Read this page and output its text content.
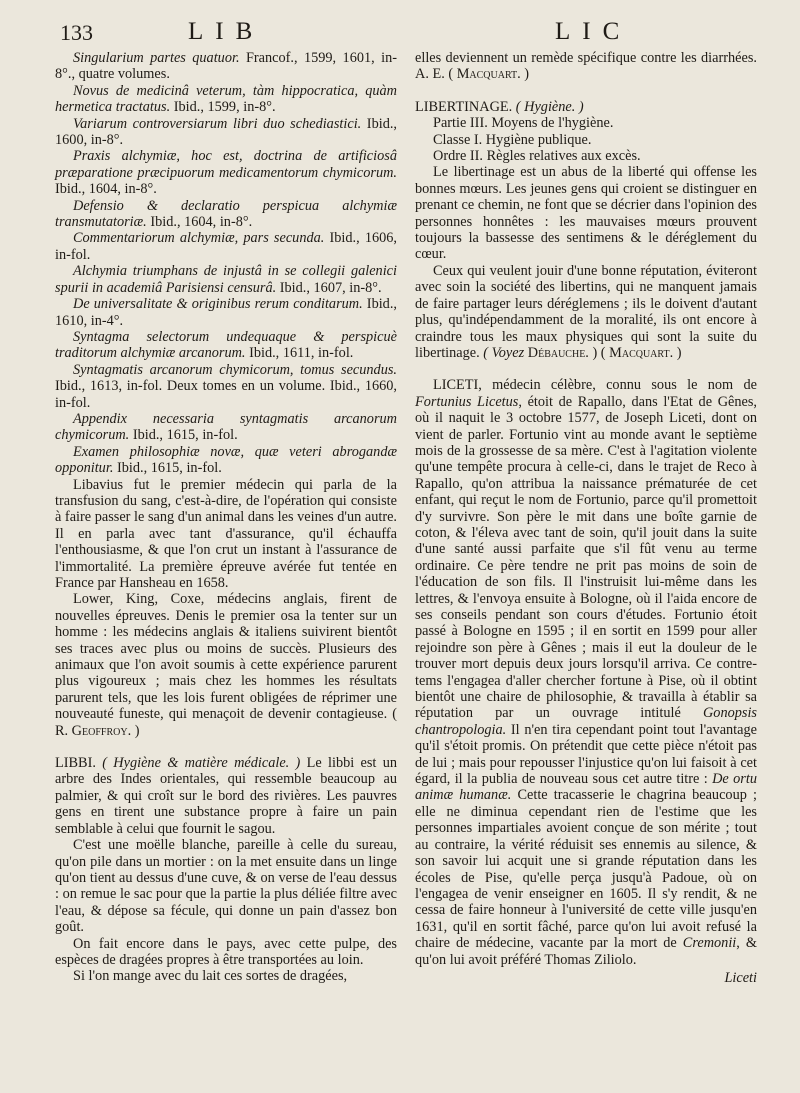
133	LIB	LIC

Singularium partes quatuor. Francof., 1599, 1601, in-8°., quatre volumes.

Novus de medicinâ veterum, tàm hippocratica, quàm hermetica tractatus. Ibid., 1599, in-8°.

Variarum controversiarum libri duo schediastici. Ibid., 1600, in-8°.

Praxis alchymiæ, hoc est, doctrina de artificiosâ præparatione præcipuorum medicamentorum chymicorum. Ibid., 1604, in-8°.

Defensio & declaratio perspicua alchymiæ transmutatoriæ. Ibid., 1604, in-8°.

Commentariorum alchymiæ, pars secunda. Ibid., 1606, in-fol.

Alchymia triumphans de injustâ in se collegii galenici spurii in academiâ Parisiensi censurâ. Ibid., 1607, in-8°.

De universalitate & originibus rerum conditarum. Ibid., 1610, in-4°.

Syntagma selectorum undequaque & perspicuè traditorum alchymiæ arcanorum. Ibid., 1611, in-fol.

Syntagmatis arcanorum chymicorum, tomus secundus. Ibid., 1613, in-fol. Deux tomes en un volume. Ibid., 1660, in-fol.

Appendix necessaria syntagmatis arcanorum chymicorum. Ibid., 1615, in-fol.

Examen philosophiæ novæ, quæ veteri abrogandæ opponitur. Ibid., 1615, in-fol.

Libavius fut le premier médecin qui parla de la transfusion du sang, c'est-à-dire, de l'opération qui consiste à faire passer le sang d'un animal dans les veines d'un autre. Il en parla avec tant d'assurance, qu'il échauffa l'enthousiasme, & que l'on crut un instant à l'assurance de l'immortalité. La première épreuve avérée fut tentée en France par Hansheau en 1658.

Lower, King, Coxe, médecins anglais, firent de nouvelles épreuves. Denis le premier osa la tenter sur un homme : les médecins anglais & italiens suivirent bientôt ses traces avec plus ou moins de succès. Plusieurs des animaux que l'on avoit soumis à cette expérience parurent plus vigoureux ; mais chez les hommes les résultats parurent tels, que les lois furent obligées de réprimer une nouveauté funeste, qui menaçoit de devenir contagieuse. ( R. Geoffroy. )

LIBBI. ( Hygiène & matière médicale. ) Le libbi est un arbre des Indes orientales, qui ressemble beaucoup au palmier, & qui croît sur le bord des rivières. Les pauvres gens en tirent une substance propre à faire un pain semblable à celui que fournit le sagou.

C'est une moëlle blanche, pareille à celle du sureau, qu'on pile dans un mortier : on la met ensuite dans un linge qu'on tient au dessus d'une cuve, & on verse de l'eau dessus : on remue le sac pour que la partie la plus déliée filtre avec l'eau, & dépose sa fécule, qui donne un pain d'assez bon goût.

On fait encore dans le pays, avec cette pulpe, des espèces de dragées propres à être transportées au loin.

Si l'on mange avec du lait ces sortes de dragées,

elles deviennent un remède spécifique contre les diarrhées. A. E. ( Macquart. )

LIBERTINAGE. ( Hygiène. )

Partie III. Moyens de l'hygiène.

Classe I. Hygiène publique.

Ordre II. Règles relatives aux excès.

Le libertinage est un abus de la liberté qui offense les bonnes mœurs. Les jeunes gens qui croient se distinguer en prenant ce chemin, ne font que se décrier dans l'opinion des personnes honnêtes : les mauvaises mœurs prouvent toujours la bassesse des sentimens & le déréglement du cœur.

Ceux qui veulent jouir d'une bonne réputation, éviteront avec soin la société des libertins, qui ne manquent jamais de faire partager leurs déréglemens ; ils le doivent d'autant plus, qu'indépendamment de la moralité, ils ont encore à craindre tous les maux physiques qui sont la suite du libertinage. ( Voyez Débauche. ) ( Macquart. )

LICETI, médecin célèbre, connu sous le nom de Fortunius Licetus, étoit de Rapallo, dans l'Etat de Gênes, où il naquit le 3 octobre 1577, de Joseph Liceti, dont on vient de parler. Fortunio vint au monde avant le septième mois de la grossesse de sa mère. C'est à l'agitation violente qu'une tempête procura à celle-ci, dans le trajet de Reco à Rapallo, qu'on attribua la naissance prématurée de cet enfant, qui reçut le nom de Fortunio, parce qu'il promettoit d'y survivre. Son père le mit dans une boîte garnie de coton, & l'éleva avec tant de soin, qu'il jouit dans la suite d'une santé aussi parfaite que s'il fût venu au terme ordinaire. Ce père tendre ne prit pas moins de soin de l'éducation de son fils. Il l'instruisit lui-même dans les lettres, & l'envoya ensuite à Bologne, où il l'aida encore de ses conseils pendant son cours d'études. Fortunio étoit passé à Bologne en 1595 ; il en sortit en 1599 pour aller rejoindre son père à Gênes ; mais il eut la douleur de le trouver mort depuis deux jours lorsqu'il arriva. Ce contre-tems l'engagea d'aller chercher fortune à Pise, où il obtint bientôt une chaire de philosophie, & travailla à établir sa réputation par un ouvrage intitulé Gonopsis chantropologia. Il n'en tira cependant point tout l'avantage qu'il s'étoit promis. On prétendit que cette pièce n'étoit pas de lui ; mais pour repousser l'injustice qu'on lui faisoit à cet égard, il la publia de nouveau sous cet autre titre : De ortu animæ humanæ. Cette tracasserie le chagrina beaucoup ; elle ne diminua cependant rien de l'estime que les personnes impartiales avoient conçue de son mérite ; tout au contraire, la vérité réduisit ses ennemis au silence, & son savoir lui acquit une si grande réputation dans les écoles de Pise, qu'elle perça jusqu'à Padoue, où on l'engagea de venir enseigner en 1605. Il s'y rendit, & ne cessa de faire honneur à l'université de cette ville jusqu'en 1631, qu'il en sortit fâché, parce qu'on lui avoit refusé la chaire de médecine, vacante par la mort de Cremonii, & qu'on lui avoit préféré Thomas Ziliolo.

Liceti
